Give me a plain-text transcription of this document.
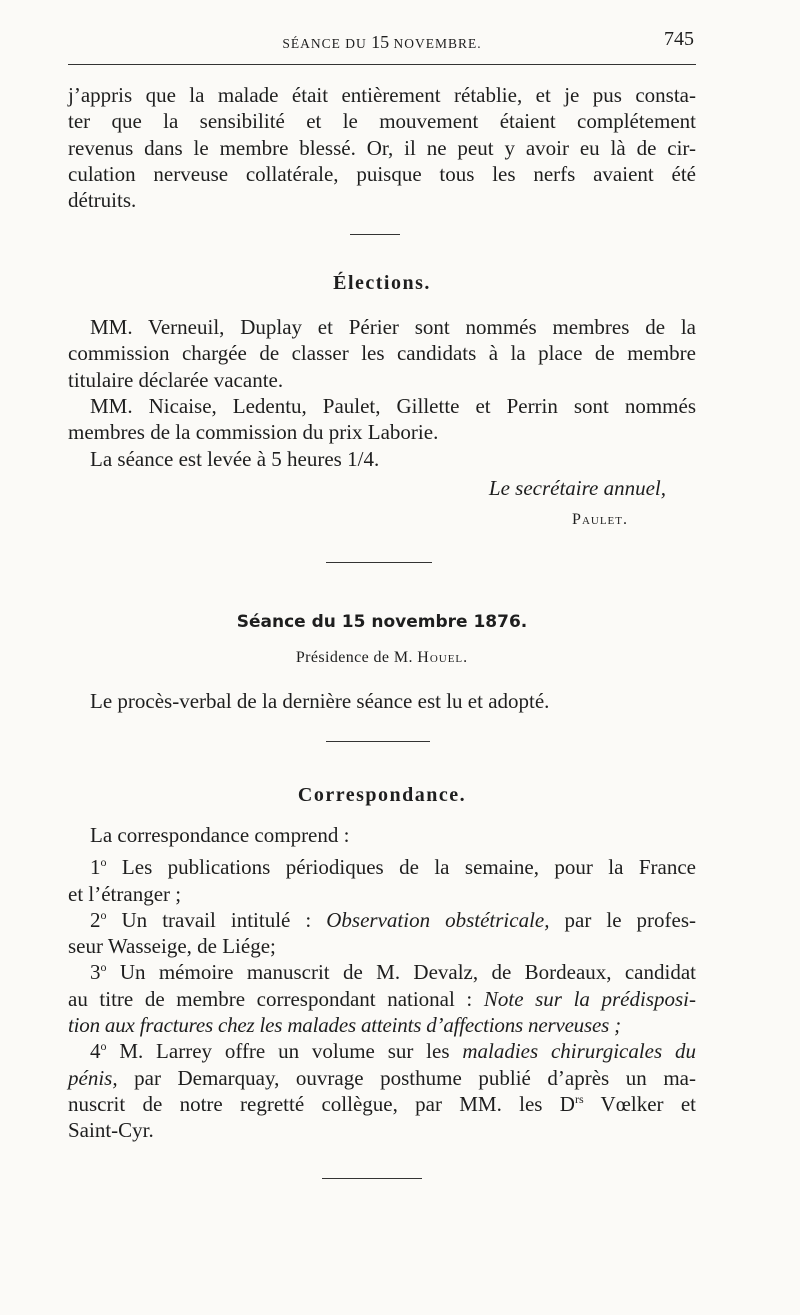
SÉANCE DU 15 NOVEMBRE.	745
j’appris que la malade était entièrement rétablie, et je pus consta-
ter que la sensibilité et le mouvement étaient complétement
revenus dans le membre blessé. Or, il ne peut y avoir eu là de cir-
culation nerveuse collatérale, puisque tous les nerfs avaient été
détruits.
Élections.
MM. Verneuil, Duplay et Périer sont nommés membres de la
commission chargée de classer les candidats à la place de membre
titulaire déclarée vacante.
MM. Nicaise, Ledentu, Paulet, Gillette et Perrin sont nommés
membres de la commission du prix Laborie.
La séance est levée à 5 heures 1/4.
Le secrétaire annuel,
Paulet.
Séance du 15 novembre 1876.
Présidence de M. Houel.
Le procès-verbal de la dernière séance est lu et adopté.
Correspondance.
La correspondance comprend :
1$^o$ Les publications périodiques de la semaine, pour la France
et l’étranger ;
2$^o$ Un travail intitulé : Observation obstétricale, par le profes-
seur Wasseige, de Liége;
3$^o$ Un mémoire manuscrit de M. Devalz, de Bordeaux, candidat
au titre de membre correspondant national : Note sur la prédisposi-
tion aux fractures chez les malades atteints d’affections nerveuses ;
4$^o$ M. Larrey offre un volume sur les maladies chirurgicales du
pénis, par Demarquay, ouvrage posthume publié d’après un ma-
nuscrit de notre regretté collègue, par MM. les $D^{rs}$ Vœlker et
Saint-Cyr.
